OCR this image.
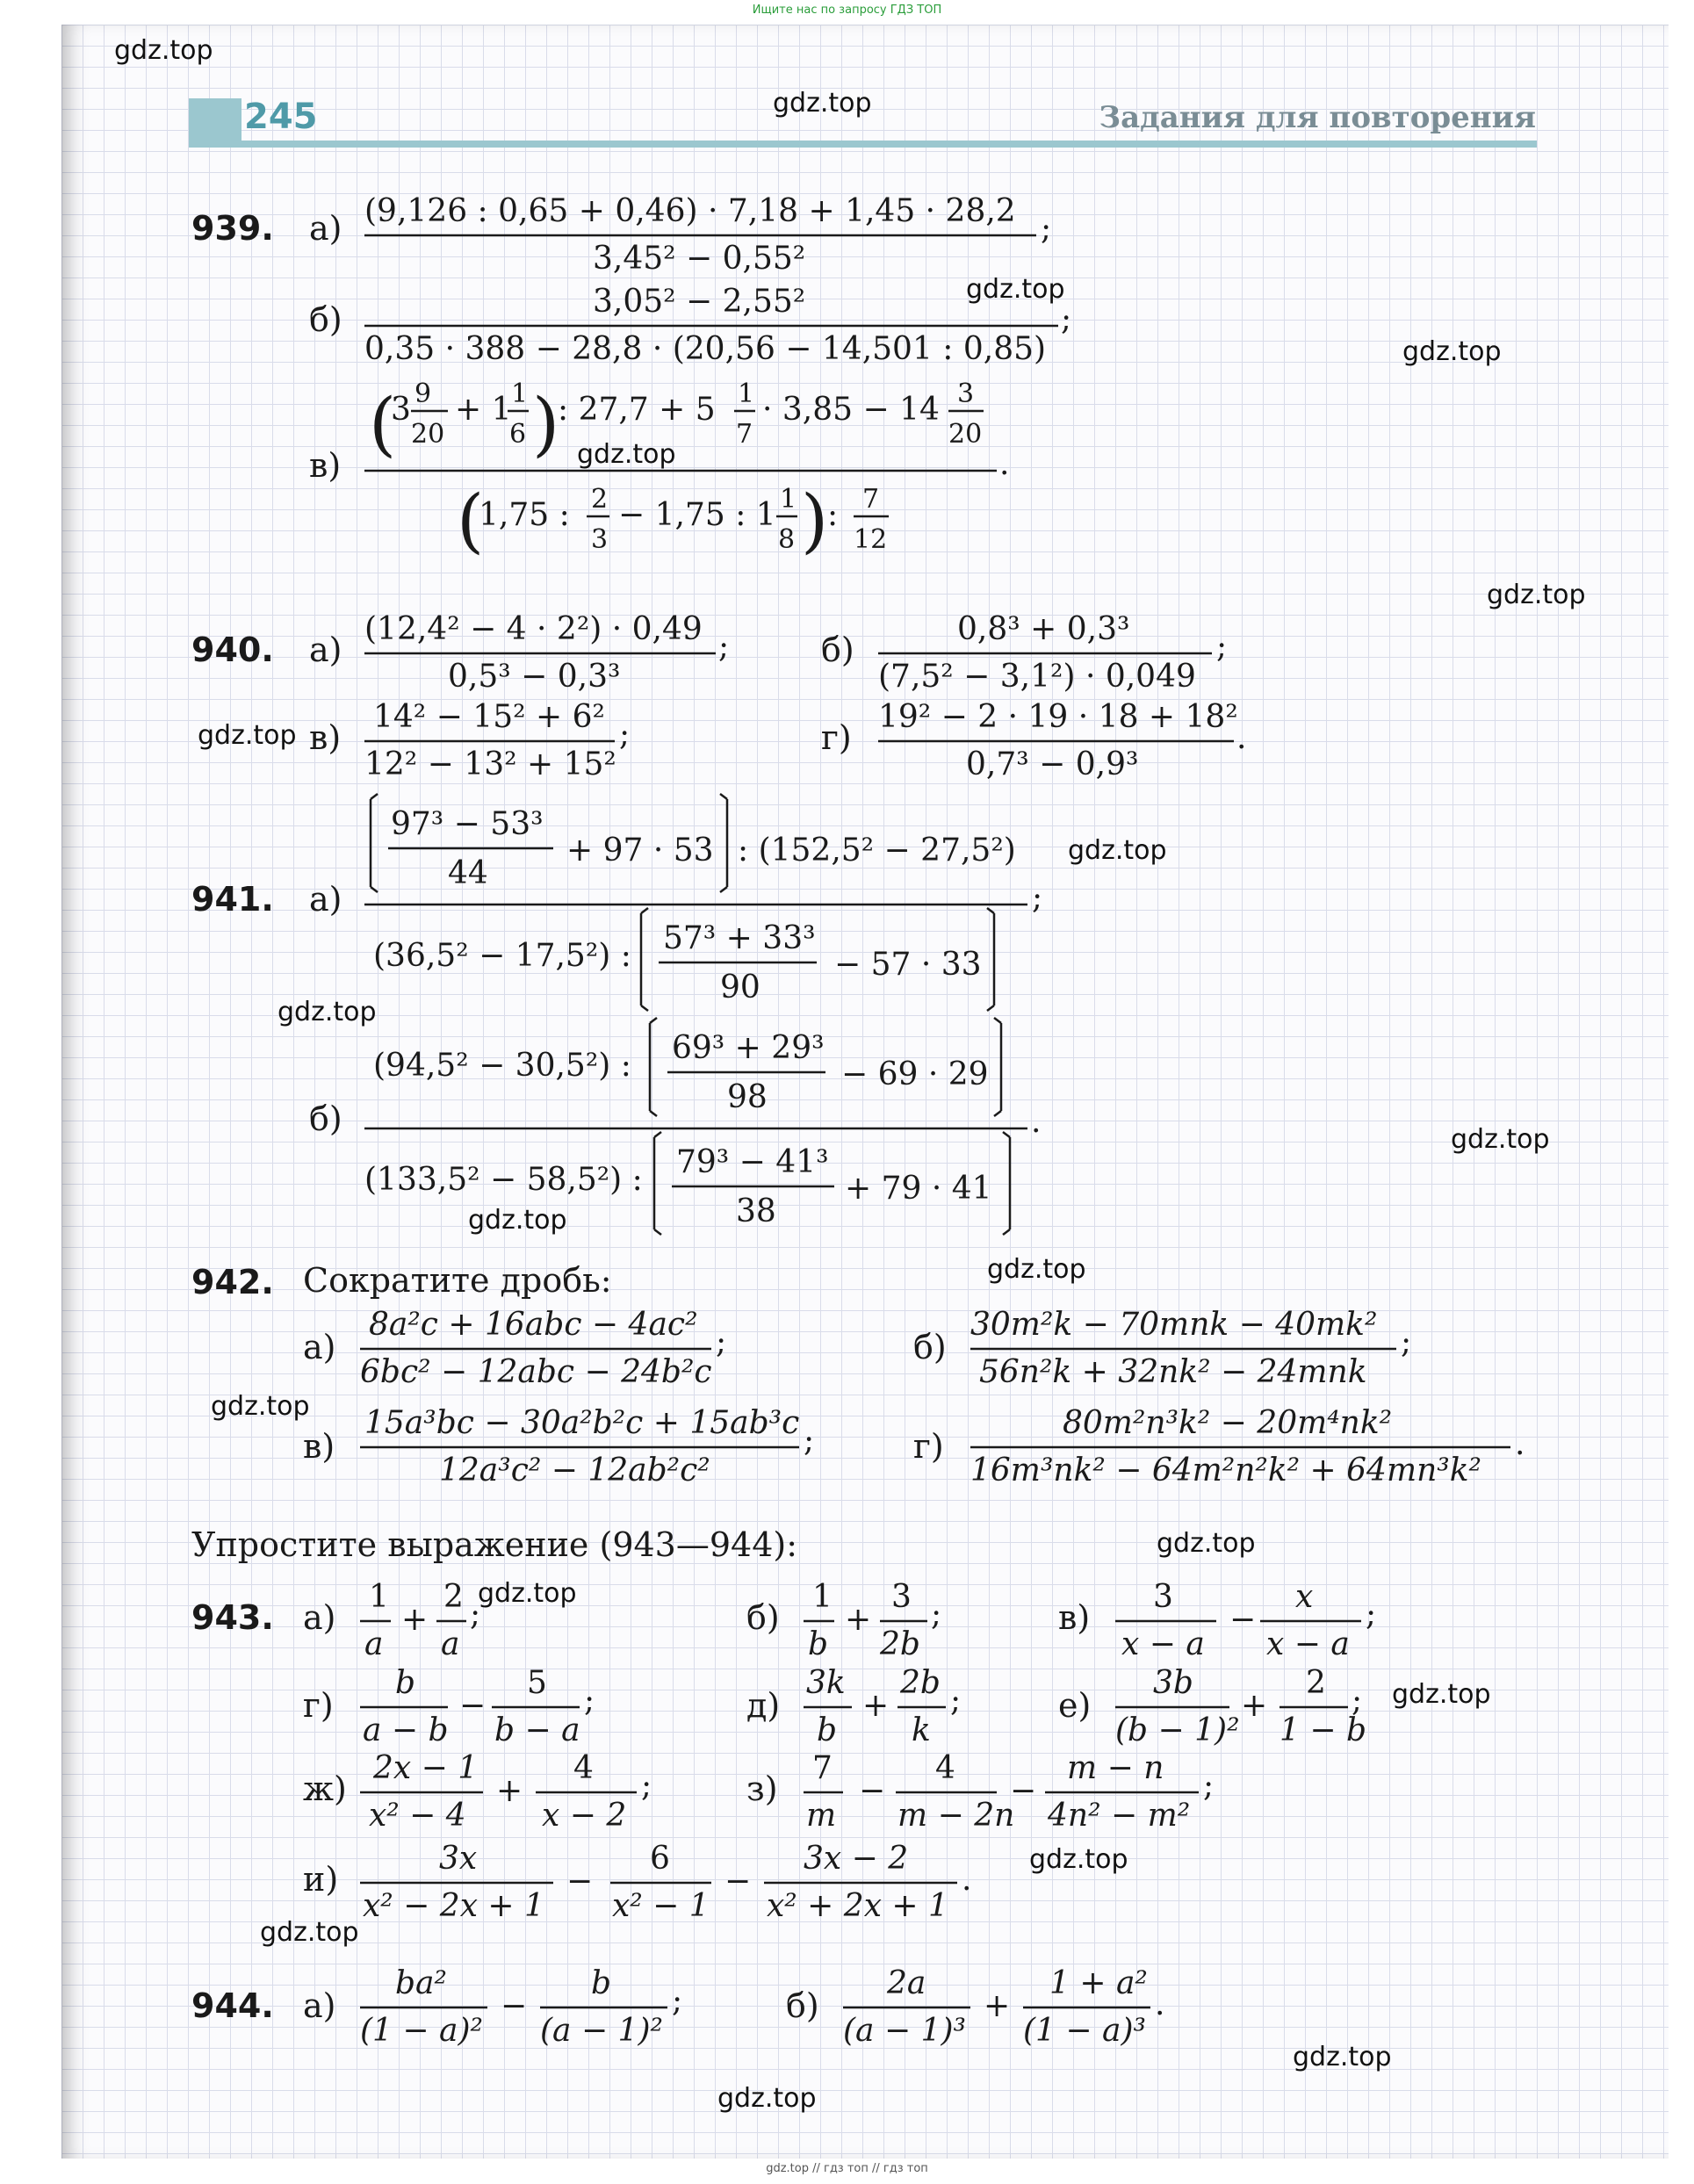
Ищите нас по запросу ГДЗ ТОП
gdz.top
gdz.top
gdz.top
gdz.top
gdz.top
gdz.top
gdz.top
gdz.top
gdz.top
gdz.top
gdz.top
gdz.top
gdz.top
gdz.top
gdz.top
gdz.top
gdz.top
gdz.top
gdz.top
gdz.top
245	Задания для повторения
939. а) (9,126 : 0,65 + 0,46) · 7,18 + 1,45 · 28,2
3,45² − 0,55²
;
б)	3,05² − 2,55²
0,35 · 388 − 28,8 · (20,56 − 14,501 : 0,85)
;
в)
(
3 9
20
+ 1 1
6 )
: 27,7 + 5 1
7
· 3,85 − 14 3
20
.
(
1,75 : 2
3
− 1,75 : 1 1
8 )
: 7
12
940. а)
(12,4² − 4 · 2²) · 0,49
0,5³ − 0,3³
;	б)
0,8³ + 0,3³
(7,5² − 3,1²) · 0,049
;
в)
14² − 15² + 6²
12² − 13² + 15²
;	г)
19² − 2 · 19 · 18 + 18²
0,7³ − 0,9³
.
941. а)
97³ − 53³
44
+ 97 · 53 : (152,5² − 27,5²)
;
(36,5² − 17,5²) : 57³ + 33³
90
− 57 · 33
б)
(94,5² − 30,5²) : 69³ + 29³
98
− 69 · 29
.
(133,5² − 58,5²) : 79³ − 41³
38
+ 79 · 41
942. Сократите дробь:
а)
8a²c + 16abc − 4ac²
6bc² − 12abc − 24b²c
;	б)
30m²k − 70mnk − 40mk²
56n²k + 32nk² − 24mnk
;
в)
15a³bc − 30a²b²c + 15ab³c
12a³c² − 12ab²c²
;	г)
80m²n³k² − 20m⁴nk²
16m³nk² − 64m²n²k² + 64mn³k²
.
Упростите выражение (943—944):
943. а)
1
a
+
2
a
;	б)
1
b
+
3
2b
;	в)
3
x − a
−
x
x − a
;
г)
b
a − b
−
5
b − a
;	д)
3k
b
+
2b
k
;	е)
3b
(b − 1)²
+
2
1 − b
;
ж)
2x − 1
x² − 4
+
4
x − 2
;	з)
7
m
−
4
m − 2n
−
m − n
4n² − m²
;
и)
3x
x² − 2x + 1
−
6
x² − 1
−
3x − 2
x² + 2x + 1
.
944. а)
ba²
(1 − a)²
−
b
(a − 1)²
;	б)
2a
(a − 1)³
+
1 + a²
(1 − a)³
.
gdz.top // гдз топ // гдз топ
